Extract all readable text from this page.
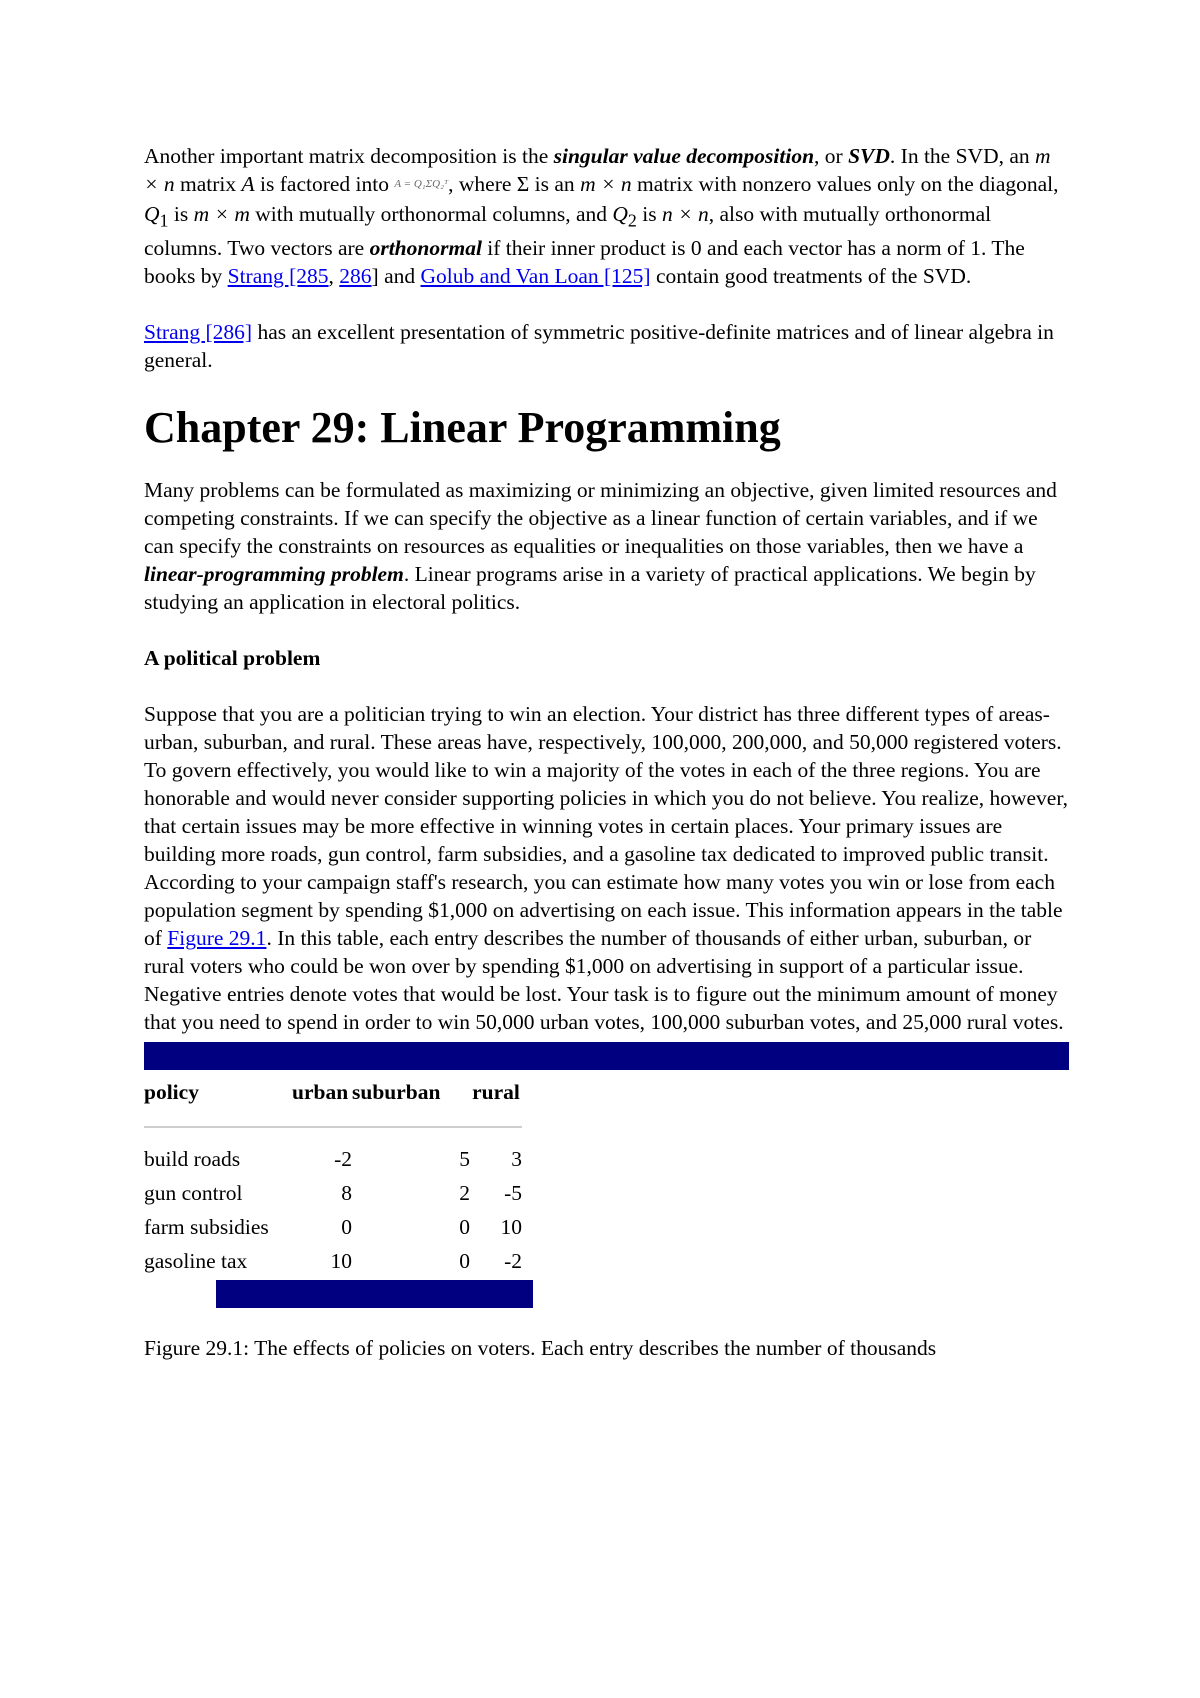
Another important matrix decomposition is the singular value decomposition, or SVD. In the SVD, an m × n matrix A is factored into A = Q₁ΣQ₂ᵀ, where Σ is an m × n matrix with nonzero values only on the diagonal, $Q_1$ is m × m with mutually orthonormal columns, and $Q_2$ is n × n, also with mutually orthonormal columns. Two vectors are orthonormal if their inner product is 0 and each vector has a norm of 1. The books by Strang [285, 286] and Golub and Van Loan [125] contain good treatments of the SVD.

Strang [286] has an excellent presentation of symmetric positive-definite matrices and of linear algebra in general.

Chapter 29: Linear Programming

Many problems can be formulated as maximizing or minimizing an objective, given limited resources and competing constraints. If we can specify the objective as a linear function of certain variables, and if we can specify the constraints on resources as equalities or inequalities on those variables, then we have a linear-programming problem. Linear programs arise in a variety of practical applications. We begin by studying an application in electoral politics.

A political problem

Suppose that you are a politician trying to win an election. Your district has three different types of areas-urban, suburban, and rural. These areas have, respectively, 100,000, 200,000, and 50,000 registered voters. To govern effectively, you would like to win a majority of the votes in each of the three regions. You are honorable and would never consider supporting policies in which you do not believe. You realize, however, that certain issues may be more effective in winning votes in certain places. Your primary issues are building more roads, gun control, farm subsidies, and a gasoline tax dedicated to improved public transit. According to your campaign staff's research, you can estimate how many votes you win or lose from each population segment by spending $1,000 on advertising on each issue. This information appears in the table of Figure 29.1. In this table, each entry describes the number of thousands of either urban, suburban, or rural voters who could be won over by spending $1,000 on advertising in support of a particular issue. Negative entries denote votes that would be lost. Your task is to figure out the minimum amount of money that you need to spend in order to win 50,000 urban votes, 100,000 suburban votes, and 25,000 rural votes.

policy	urban	suburban	rural

build roads	-2	5	3
gun control	8	2	-5
farm subsidies	0	0	10
gasoline tax	10	0	-2

Figure 29.1: The effects of policies on voters. Each entry describes the number of thousands
